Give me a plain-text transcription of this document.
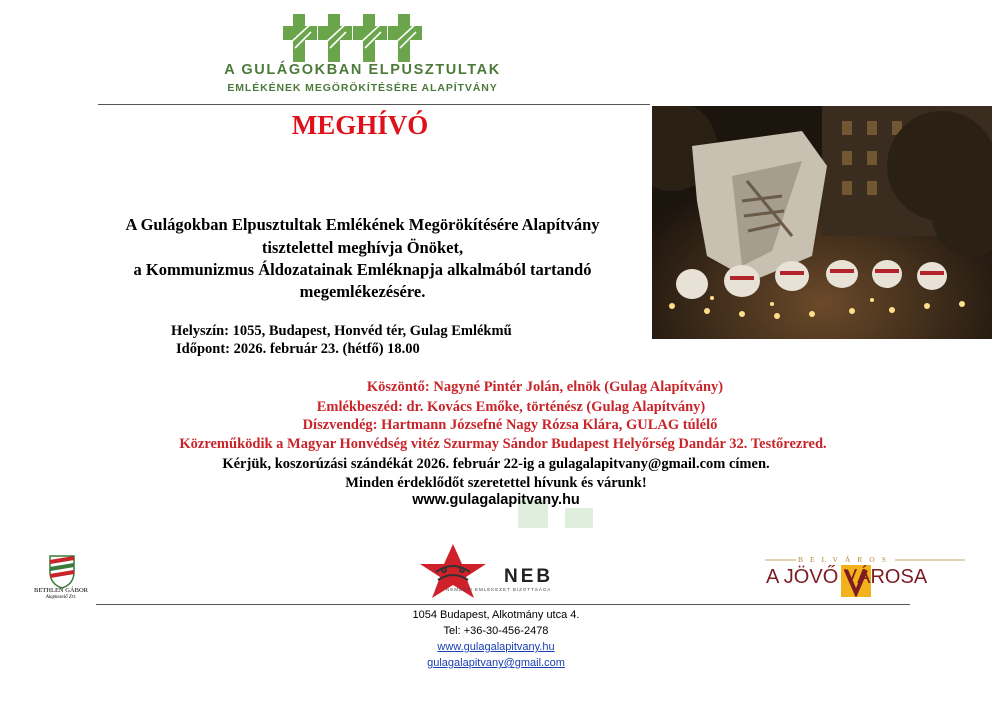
A GULÁGOKBAN ELPUSZTULTAK
EMLÉKÉNEK MEGÖRÖKÍTÉSÉRE ALAPÍTVÁNY
MEGHÍVÓ
A Gulágokban Elpusztultak Emlékének Megörökítésére Alapítvány
tisztelettel meghívja Önöket,
a Kommunizmus Áldozatainak Emléknapja alkalmából tartandó
megemlékezésére.
Helyszín: 1055, Budapest, Honvéd tér, Gulag Emlékmű
Időpont: 2026. február 23. (hétfő) 18.00
Köszöntő: Nagyné Pintér Jolán, elnök (Gulag Alapítvány)
Emlékbeszéd: dr. Kovács Emőke, történész (Gulag Alapítvány)
Díszvendég: Hartmann Józsefné Nagy Rózsa Klára, GULAG túlélő
Közreműködik a Magyar Honvédség vitéz Szurmay Sándor Budapest Helyőrség Dandár 32. Testőrezred.
Kérjük, koszorúzási szándékát 2026. február 22-ig a gulagalapitvany@gmail.com címen.
Minden érdeklődőt szeretettel hívunk és várunk!
www.gulagalapitvany.hu
BETHLEN GÁBOR
Alapkezelő Zrt.
NEB
NEMZETI EMLÉKEZET BIZOTTSÁGA
BELVÁROS
A JÖVŐ VÁROSA
1054 Budapest, Alkotmány utca 4.
Tel: +36-30-456-2478
www.gulagalapitvany.hu
gulagalapitvany@gmail.com
